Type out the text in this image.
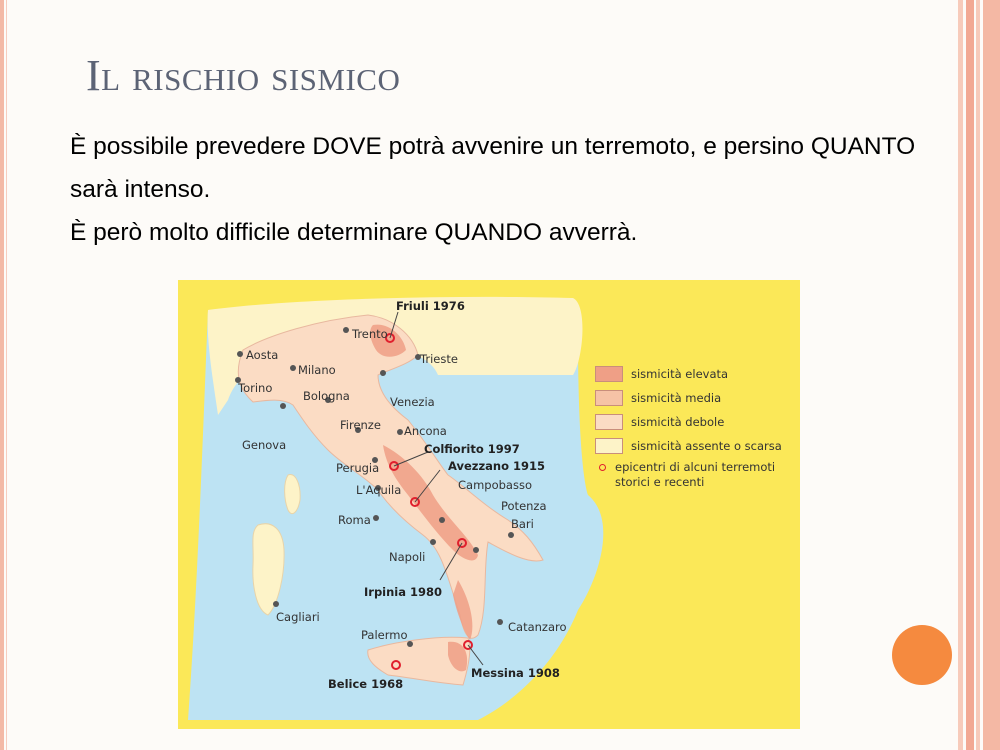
Il rischio sismico

È possibile prevedere DOVE potrà avvenire un terremoto, e persino QUANTO sarà intenso.

È però molto difficile determinare QUANDO avverrà.

Trento
Aosta
Milano
Trieste
Torino
Bologna	Venezia
Genova
Firenze Ancona
Perugia
L'Aquila	Campobasso
Roma
Potenza
Bari
Napoli
Cagliari
Palermo
Catanzaro
Friuli 1976
Colfiorito 1997
Avezzano 1915
Irpinia 1980
Messina 1908
Belice 1968
sismicità elevata
sismicità media
sismicità debole
sismicità assente o scarsa
epicentri di alcuni terremoti storici e recenti
